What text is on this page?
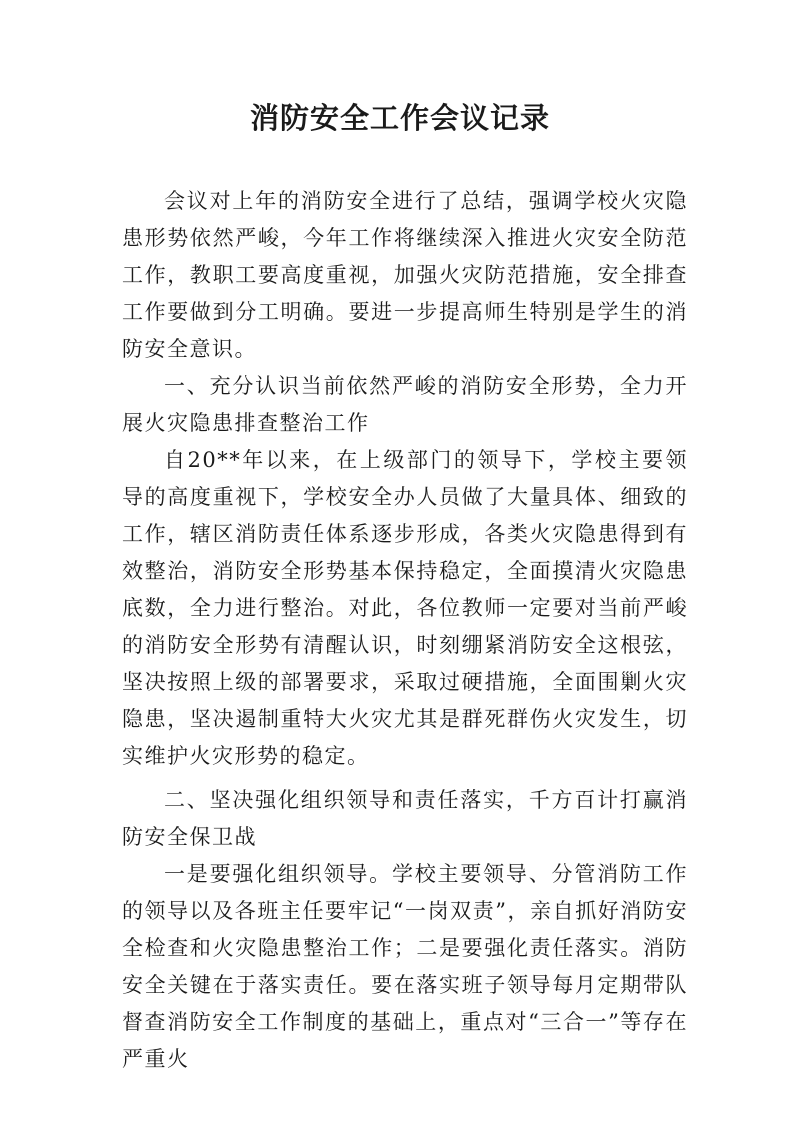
消防安全工作会议记录

会议对上年的消防安全进行了总结，强调学校火灾隐患形势依然严峻，今年工作将继续深入推进火灾安全防范工作，教职工要高度重视，加强火灾防范措施，安全排查工作要做到分工明确。要进一步提高师生特别是学生的消防安全意识。

一、充分认识当前依然严峻的消防安全形势，全力开展火灾隐患排查整治工作

自20**年以来，在上级部门的领导下，学校主要领导的高度重视下，学校安全办人员做了大量具体、细致的工作，辖区消防责任体系逐步形成，各类火灾隐患得到有效整治，消防安全形势基本保持稳定，全面摸清火灾隐患底数，全力进行整治。对此，各位教师一定要对当前严峻的消防安全形势有清醒认识，时刻绷紧消防安全这根弦，坚决按照上级的部署要求，采取过硬措施，全面围剿火灾隐患，坚决遏制重特大火灾尤其是群死群伤火灾发生，切实维护火灾形势的稳定。

二、坚决强化组织领导和责任落实，千方百计打赢消防安全保卫战

一是要强化组织领导。学校主要领导、分管消防工作的领导以及各班主任要牢记“一岗双责”，亲自抓好消防安全检查和火灾隐患整治工作；二是要强化责任落实。消防安全关键在于落实责任。要在落实班子领导每月定期带队督查消防安全工作制度的基础上，重点对“三合一”等存在严重火
